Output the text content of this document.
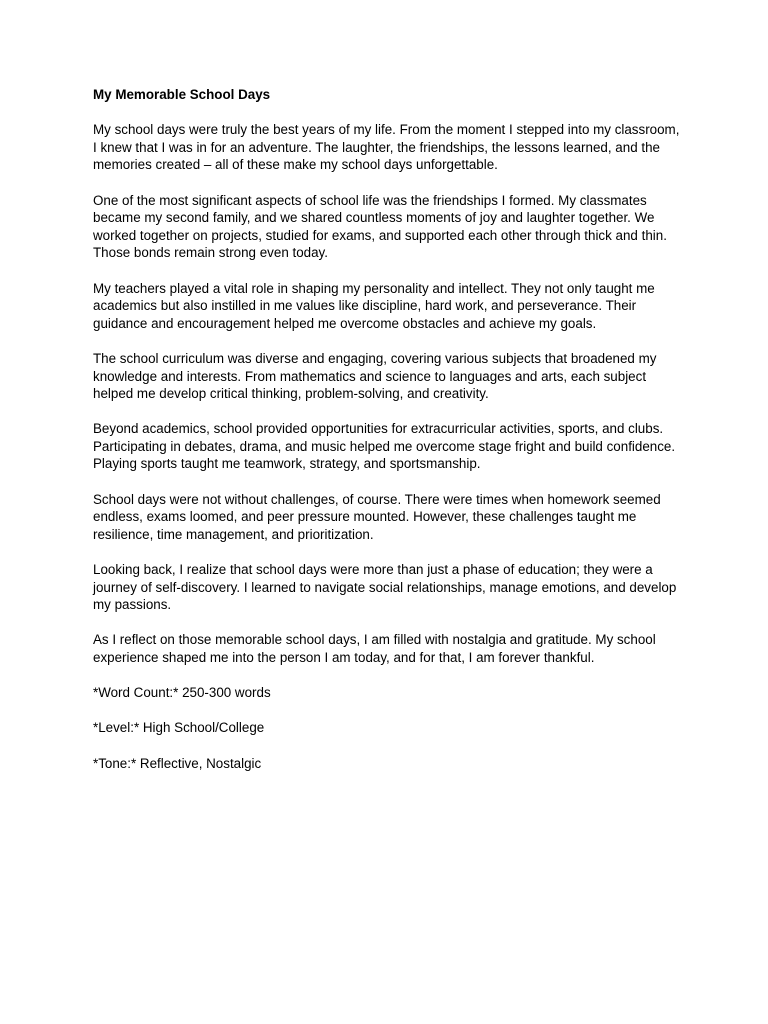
My Memorable School Days
My school days were truly the best years of my life. From the moment I stepped into my classroom, I knew that I was in for an adventure. The laughter, the friendships, the lessons learned, and the memories created – all of these make my school days unforgettable.
One of the most significant aspects of school life was the friendships I formed. My classmates became my second family, and we shared countless moments of joy and laughter together. We worked together on projects, studied for exams, and supported each other through thick and thin. Those bonds remain strong even today.
My teachers played a vital role in shaping my personality and intellect. They not only taught me academics but also instilled in me values like discipline, hard work, and perseverance. Their guidance and encouragement helped me overcome obstacles and achieve my goals.
The school curriculum was diverse and engaging, covering various subjects that broadened my knowledge and interests. From mathematics and science to languages and arts, each subject helped me develop critical thinking, problem-solving, and creativity.
Beyond academics, school provided opportunities for extracurricular activities, sports, and clubs. Participating in debates, drama, and music helped me overcome stage fright and build confidence. Playing sports taught me teamwork, strategy, and sportsmanship.
School days were not without challenges, of course. There were times when homework seemed endless, exams loomed, and peer pressure mounted. However, these challenges taught me resilience, time management, and prioritization.
Looking back, I realize that school days were more than just a phase of education; they were a journey of self-discovery. I learned to navigate social relationships, manage emotions, and develop my passions.
As I reflect on those memorable school days, I am filled with nostalgia and gratitude. My school experience shaped me into the person I am today, and for that, I am forever thankful.
*Word Count:* 250-300 words
*Level:* High School/College
*Tone:* Reflective, Nostalgic
